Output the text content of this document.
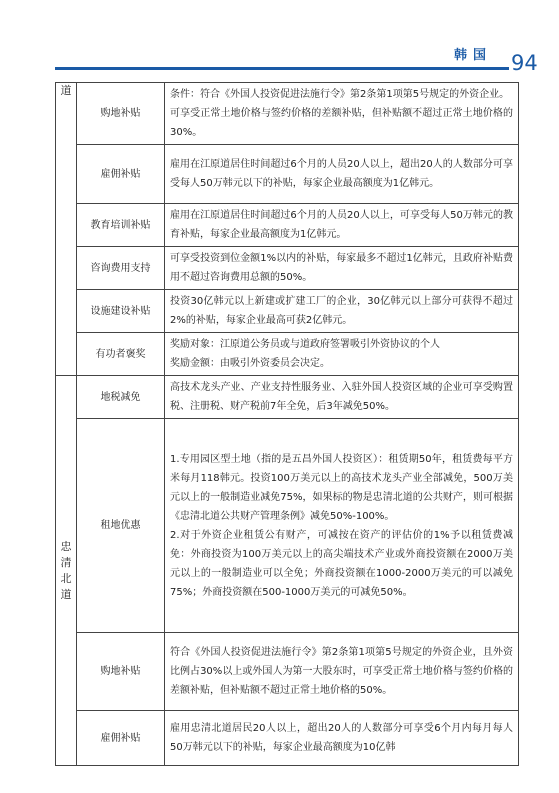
韩国 94
道	购地补贴	条件：符合《外国人投资促进法施行令》第2条第1项第5号规定的外资企业。
可享受正常土地价格与签约价格的差额补贴，但补贴额不超过正常土地价格的30%。
	雇佣补贴	雇用在江原道居住时间超过6个月的人员20人以上，超出20人的人数部分可享受每人50万韩元以下的补贴，每家企业最高额度为1亿韩元。
	教育培训补贴	雇用在江原道居住时间超过6个月的人员20人以上，可享受每人50万韩元的教育补贴，每家企业最高额度为1亿韩元。
	咨询费用支持	可享受投资到位金额1%以内的补贴，每家最多不超过1亿韩元，且政府补贴费用不超过咨询费用总额的50%。
	设施建设补贴	投资30亿韩元以上新建或扩建工厂的企业，30亿韩元以上部分可获得不超过2%的补贴，每家企业最高可获2亿韩元。
	有功者褒奖	奖励对象：江原道公务员或与道政府签署吸引外资协议的个人
奖励金额：由吸引外资委员会决定。

忠
清
北
道	地税减免	高技术龙头产业、产业支持性服务业、入驻外国人投资区域的企业可享受购置税、注册税、财产税前7年全免，后3年减免50%。
	租地优惠	1.专用园区型土地（指的是五昌外国人投资区）：租赁期50年，租赁费每平方米每月118韩元。投资100万美元以上的高技术龙头产业全部减免，500万美元以上的一般制造业减免75%，如果标的物是忠清北道的公共财产，则可根据《忠清北道公共财产管理条例》减免50%-100%。
2.对于外资企业租赁公有财产，可减按在资产的评估价的1%予以租赁费减免：外商投资为100万美元以上的高尖端技术产业或外商投资额在2000万美元以上的一般制造业可以全免；外商投资额在1000-2000万美元的可以减免75%；外商投资额在500-1000万美元的可减免50%。
	购地补贴	符合《外国人投资促进法施行令》第2条第1项第5号规定的外资企业，且外资比例占30%以上或外国人为第一大股东时，可享受正常土地价格与签约价格的差额补贴，但补贴额不超过正常土地价格的50%。
	雇佣补贴	雇用忠清北道居民20人以上，超出20人的人数部分可享受6个月内每月每人50万韩元以下的补贴，每家企业最高额度为10亿韩
